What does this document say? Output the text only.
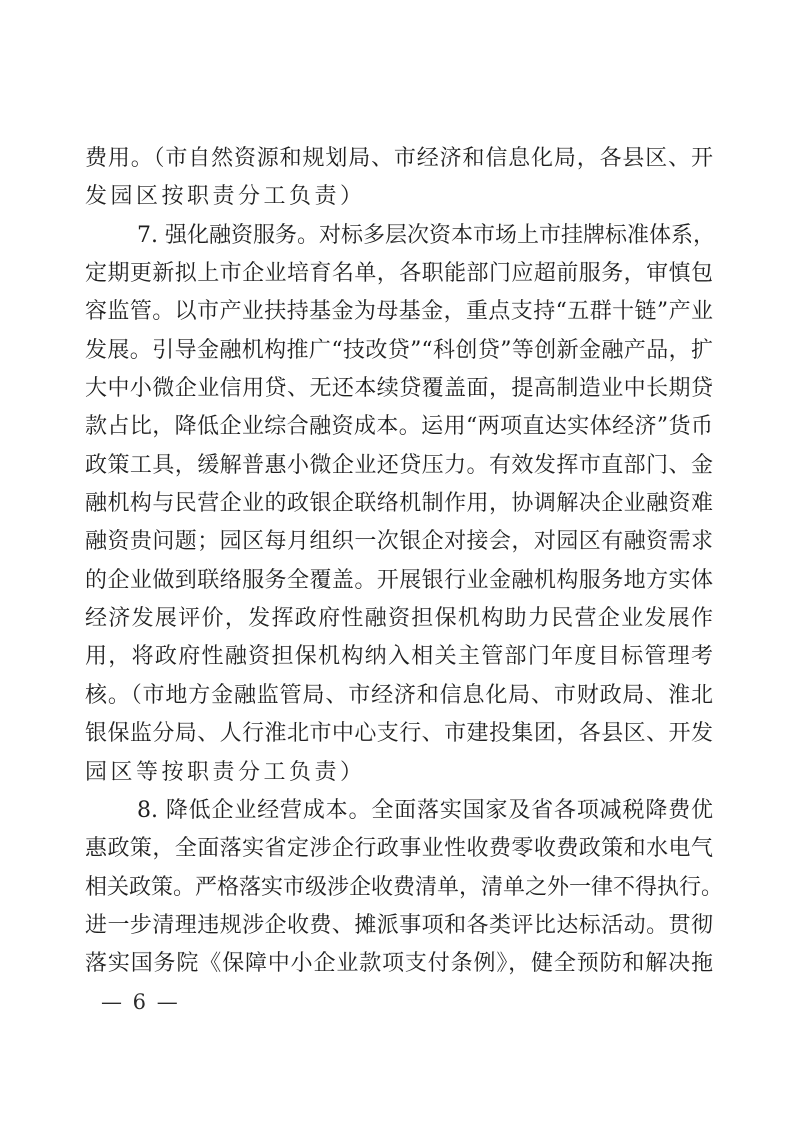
费用。（市自然资源和规划局、市经济和信息化局，各县区、开
发园区按职责分工负责）
7. 强化融资服务。对标多层次资本市场上市挂牌标准体系，
定期更新拟上市企业培育名单，各职能部门应超前服务，审慎包
容监管。以市产业扶持基金为母基金，重点支持“五群十链”产业
发展。引导金融机构推广“技改贷”“科创贷”等创新金融产品，扩
大中小微企业信用贷、无还本续贷覆盖面，提高制造业中长期贷
款占比，降低企业综合融资成本。运用“两项直达实体经济”货币
政策工具，缓解普惠小微企业还贷压力。有效发挥市直部门、金
融机构与民营企业的政银企联络机制作用，协调解决企业融资难
融资贵问题；园区每月组织一次银企对接会，对园区有融资需求
的企业做到联络服务全覆盖。开展银行业金融机构服务地方实体
经济发展评价，发挥政府性融资担保机构助力民营企业发展作
用，将政府性融资担保机构纳入相关主管部门年度目标管理考
核。（市地方金融监管局、市经济和信息化局、市财政局、淮北
银保监分局、人行淮北市中心支行、市建投集团，各县区、开发
园区等按职责分工负责）
8. 降低企业经营成本。全面落实国家及省各项减税降费优
惠政策，全面落实省定涉企行政事业性收费零收费政策和水电气
相关政策。严格落实市级涉企收费清单，清单之外一律不得执行。
进一步清理违规涉企收费、摊派事项和各类评比达标活动。贯彻
落实国务院《保障中小企业款项支付条例》，健全预防和解决拖
— 6 —
